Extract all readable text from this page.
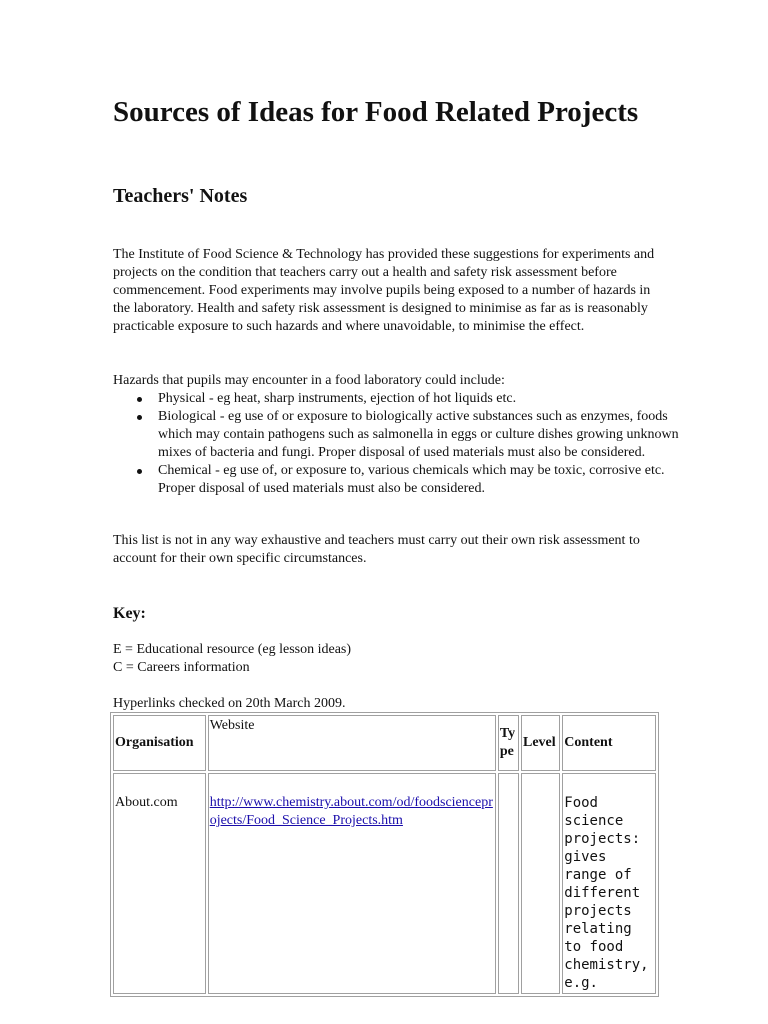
Sources of Ideas for Food Related Projects
Teachers' Notes

The Institute of Food Science & Technology has provided these suggestions for experiments and projects on the condition that teachers carry out a health and safety risk assessment before commencement. Food experiments may involve pupils being exposed to a number of hazards in the laboratory. Health and safety risk assessment is designed to minimise as far as is reasonably practicable exposure to such hazards and where unavoidable, to minimise the effect.

Hazards that pupils may encounter in a food laboratory could include:

Physical - eg heat, sharp instruments, ejection of hot liquids etc.
Biological - eg use of or exposure to biologically active substances such as enzymes, foods which may contain pathogens such as salmonella in eggs or culture dishes growing unknown mixes of bacteria and fungi. Proper disposal of used materials must also be considered.
Chemical - eg use of, or exposure to, various chemicals which may be toxic, corrosive etc. Proper disposal of used materials must also be considered.

This list is not in any way exhaustive and teachers must carry out their own risk assessment to account for their own specific circumstances.

Key:

E = Educational resource (eg lesson ideas)

C = Careers information

Hyperlinks checked on 20th March 2009.

Organisation	Website	Type	Level	Content
About.com	http://www.chemistry.about.com/od/foodscienceprojects/Food_Science_Projects.htm			Food science projects: gives range of different projects relating to food chemistry, e.g.
